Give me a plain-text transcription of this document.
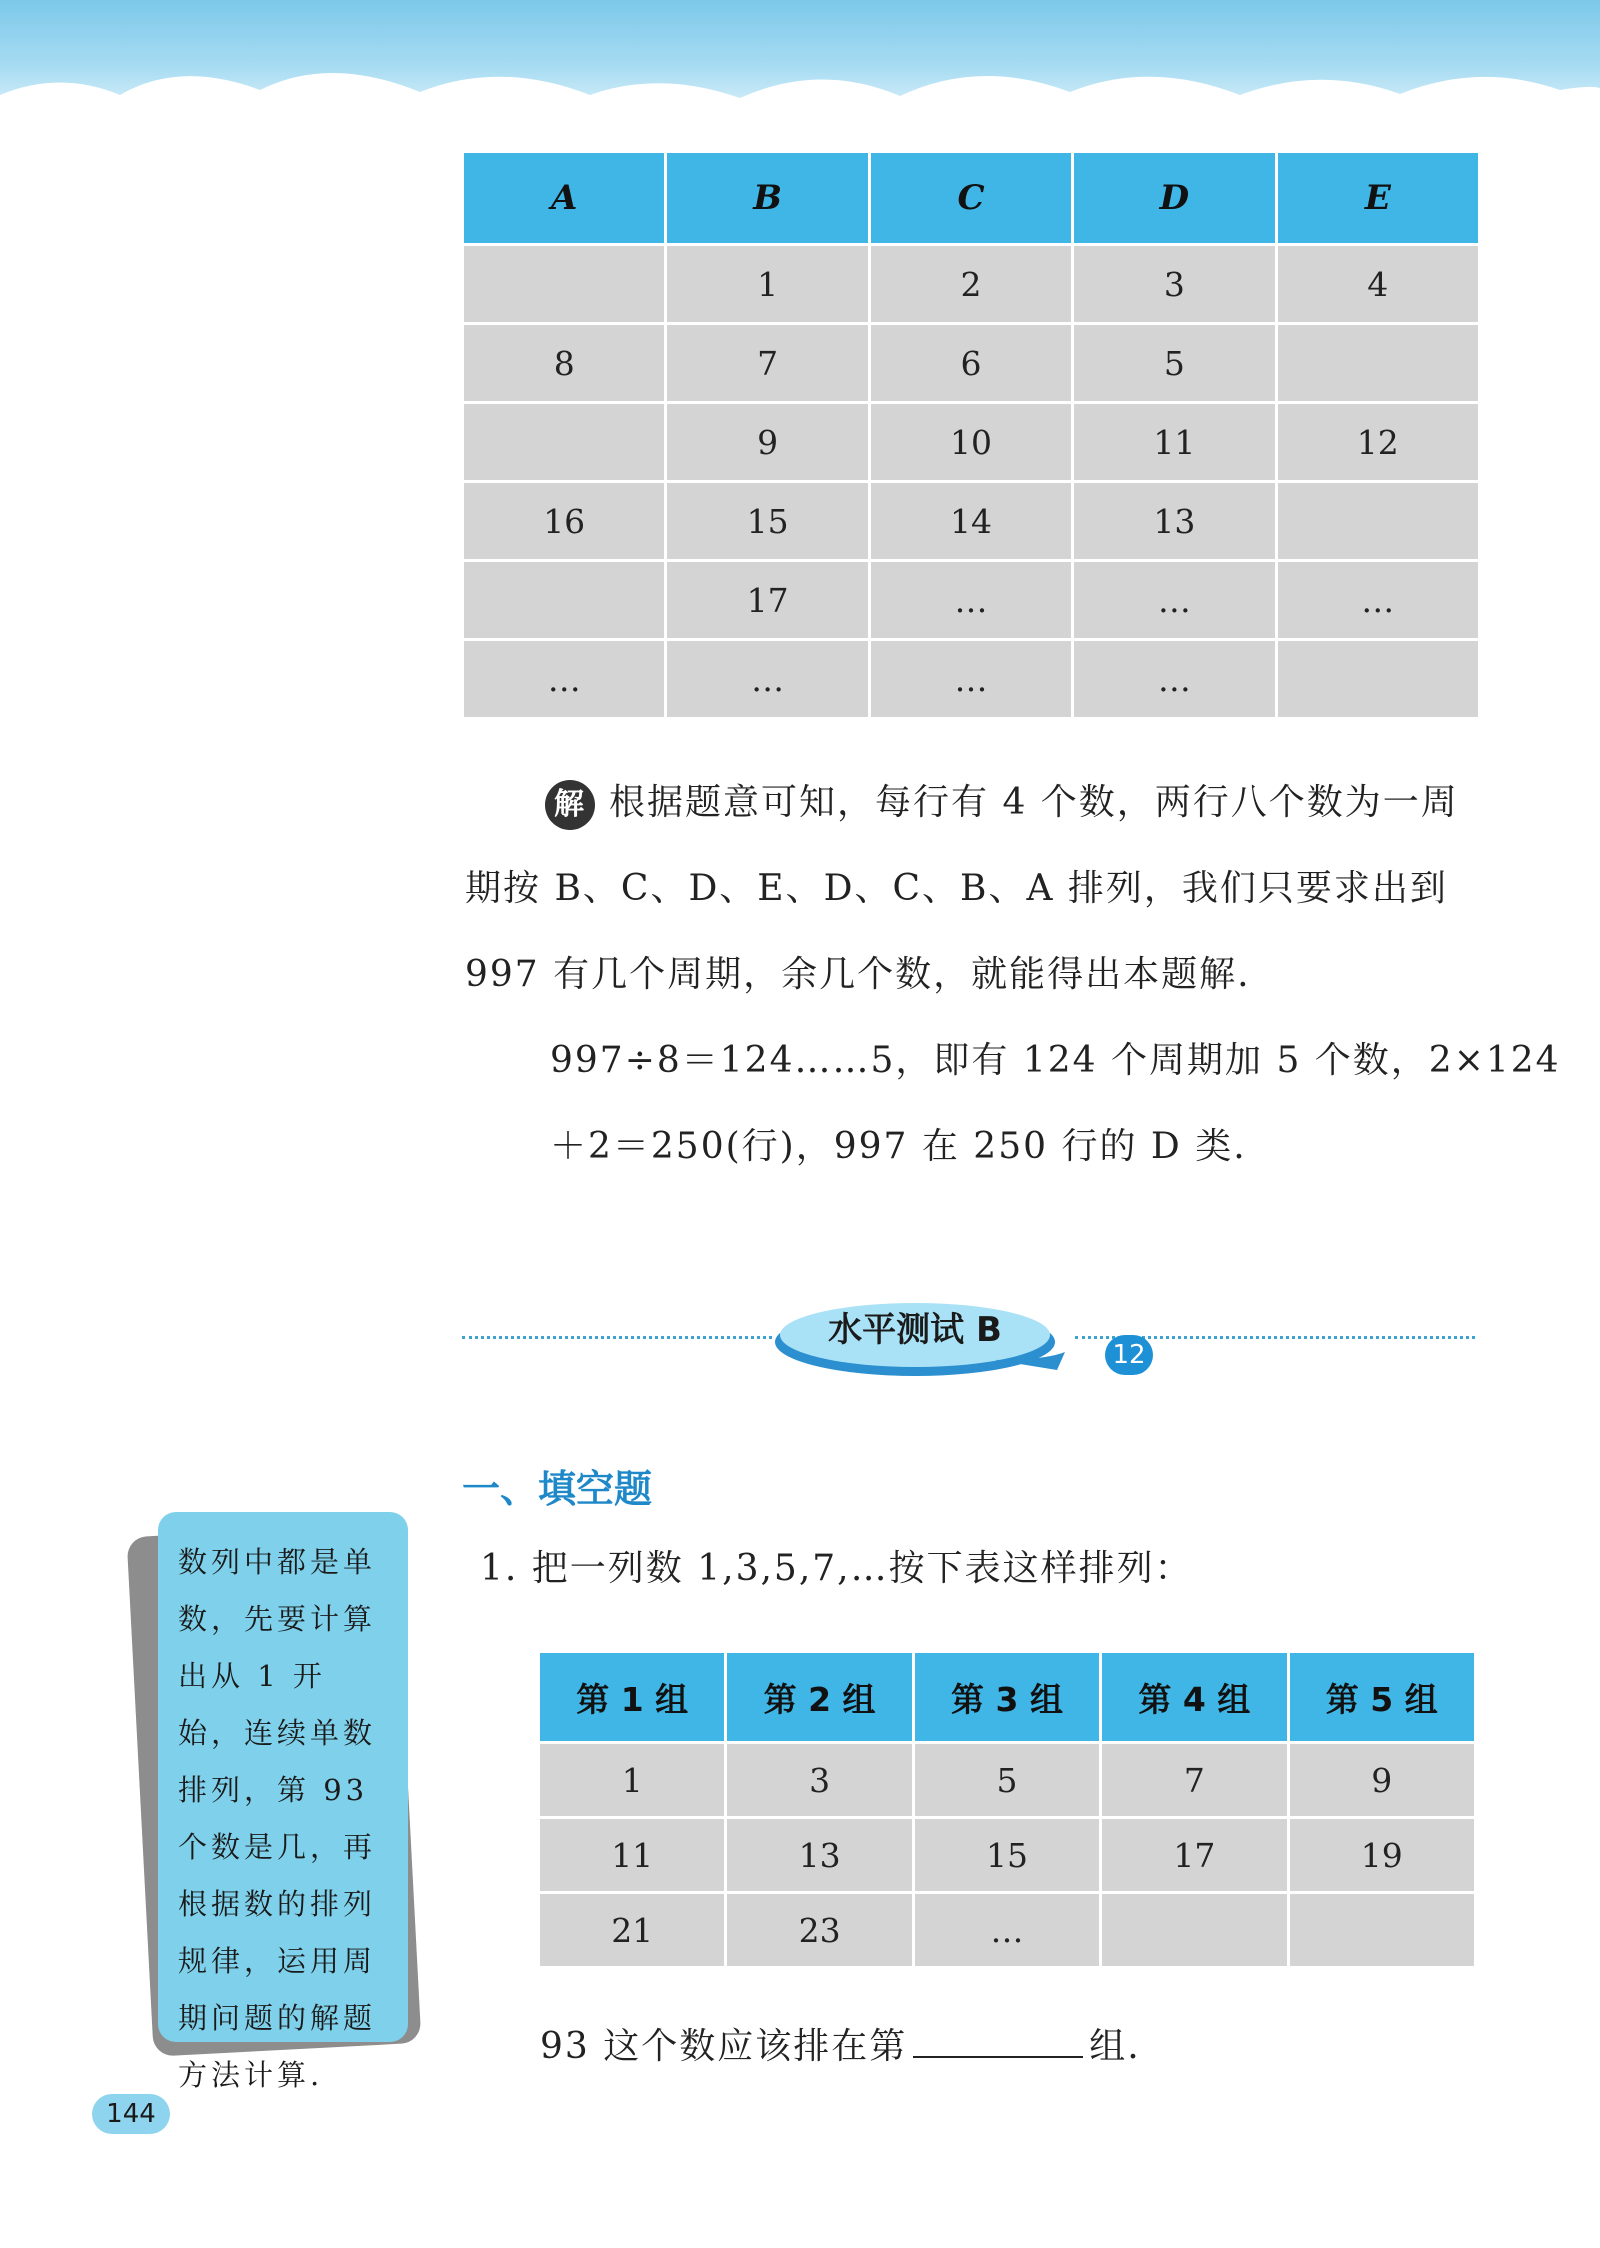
A	B	C	D	E
	1	2	3	4
8	7	6	5	
	9	10	11	12
16	15	14	13	
	17	…	…	…
…	…	…	…	

解 根据题意可知，每行有 4 个数，两行八个数为一周期按 B、C、D、E、D、C、B、A 排列，我们只要求出到 997 有几个周期，余几个数，就能得出本题解.

997÷8＝124……5，即有 124 个周期加 5 个数，2×124＋2＝250(行)，997 在 250 行的 D 类.

水平测试 B
12
一、填空题
1. 把一列数 1,3,5,7,…按下表这样排列：
第 1 组	第 2 组	第 3 组	第 4 组	第 5 组
1	3	5	7	9
11	13	15	17	19
21	23	…		
93 这个数应该排在第	组.
数列中都是单数，先要计算出从 1 开始，连续单数排列，第 93 个数是几，再根据数的排列规律，运用周期问题的解题方法计算.
144
